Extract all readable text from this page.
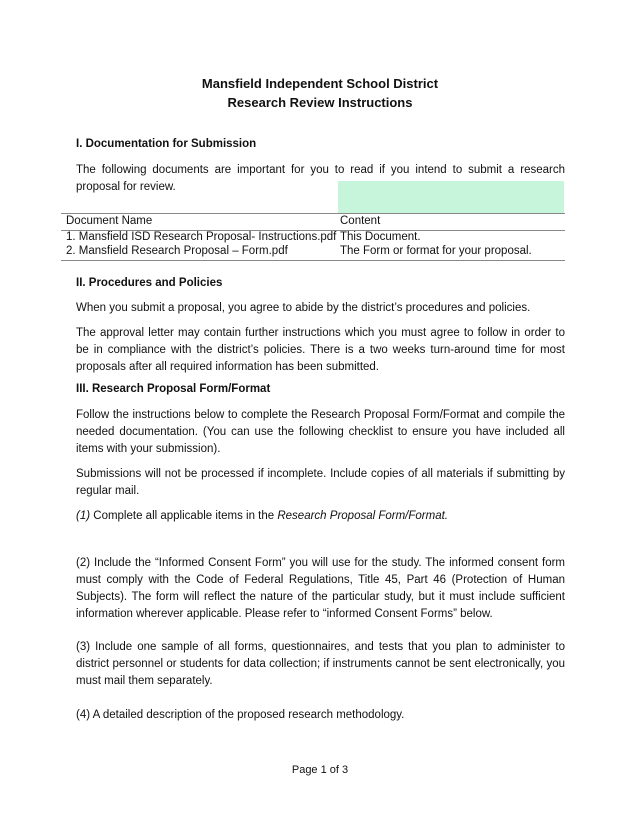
Mansfield Independent School District
Research Review Instructions
I. Documentation for Submission
The following documents are important for you to read if you intend to submit a research proposal for review.
Document Name	Content
1. Mansfield ISD Research Proposal- Instructions.pdf This Document.
2. Mansfield Research Proposal – Form.pdf	The Form or format for your proposal.
II. Procedures and Policies
When you submit a proposal, you agree to abide by the district’s procedures and policies.
The approval letter may contain further instructions which you must agree to follow in order to be in compliance with the district’s policies. There is a two weeks turn-around time for most proposals after all required information has been submitted.
III. Research Proposal Form/Format
Follow the instructions below to complete the Research Proposal Form/Format and compile the needed documentation. (You can use the following checklist to ensure you have included all items with your submission).
Submissions will not be processed if incomplete. Include copies of all materials if submitting by regular mail.
(1) Complete all applicable items in the Research Proposal Form/Format.
(2) Include the “Informed Consent Form” you will use for the study. The informed consent form must comply with the Code of Federal Regulations, Title 45, Part 46 (Protection of Human Subjects). The form will reflect the nature of the particular study, but it must include sufficient information wherever applicable. Please refer to “informed Consent Forms” below.
(3) Include one sample of all forms, questionnaires, and tests that you plan to administer to district personnel or students for data collection; if instruments cannot be sent electronically, you must mail them separately.
(4) A detailed description of the proposed research methodology.
Page 1 of 3
